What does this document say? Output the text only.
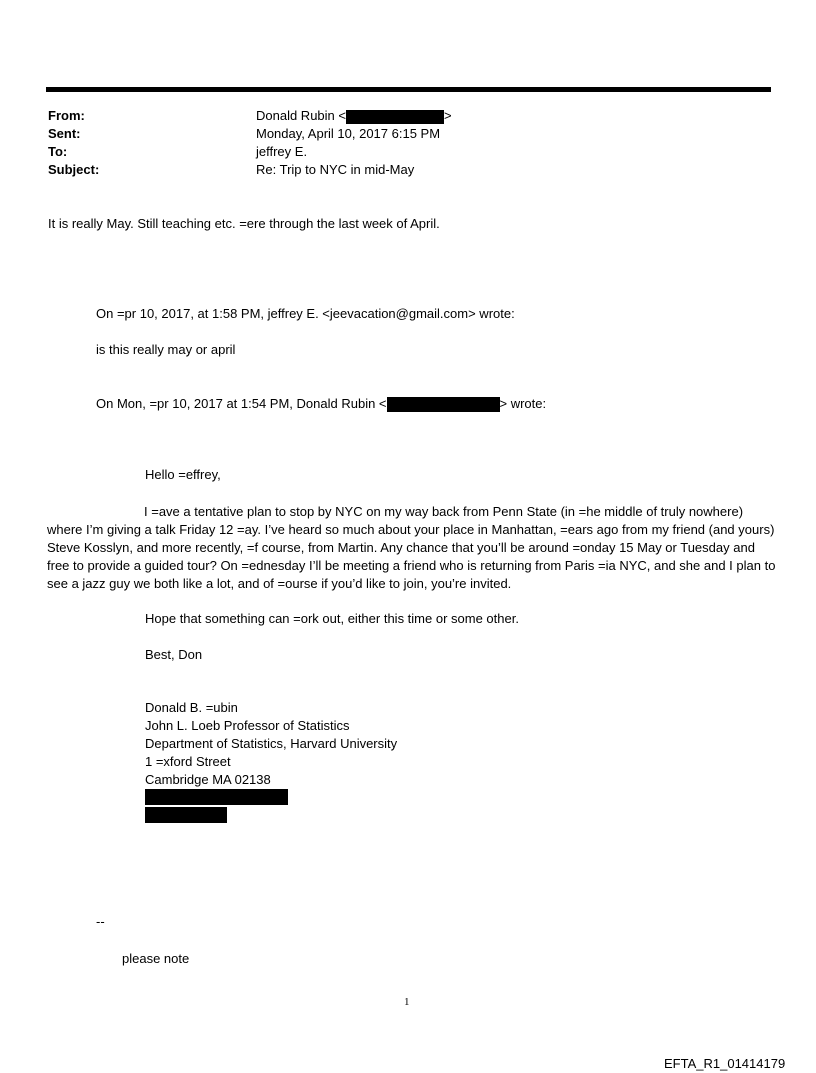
From:	Donald Rubin <	>
Sent:	Monday, April 10, 2017 6:15 PM
To:	jeffrey E.
Subject:	Re: Trip to NYC in mid-May
It is really May. Still teaching etc. =ere through the last week of April.
On =pr 10, 2017, at 1:58 PM, jeffrey E. <jeevacation@gmail.com> wrote:
is this really may or april
On Mon, =pr 10, 2017 at 1:54 PM, Donald Rubin <	> wrote:
Hello =effrey,
I =ave a tentative plan to stop by NYC on my way back from Penn State (in =he middle of truly nowhere) where I’m giving a talk Friday 12 =ay. I’ve heard so much about your place in Manhattan, =ears ago from my friend (and yours) Steve Kosslyn, and more recently, =f course, from Martin. Any chance that you’ll be around =onday 15 May or Tuesday and free to provide a guided tour? On =ednesday I’ll be meeting a friend who is returning from Paris =ia NYC, and she and I plan to see a jazz guy we both like a lot, and of =ourse if you’d like to join, you’re invited.
Hope that something can =ork out, either this time or some other.
Best, Don
Donald B. =ubin
John L. Loeb Professor of Statistics
Department of Statistics, Harvard University
1 =xford Street
Cambridge MA 02138
--
please note
1
EFTA_R1_01414179
